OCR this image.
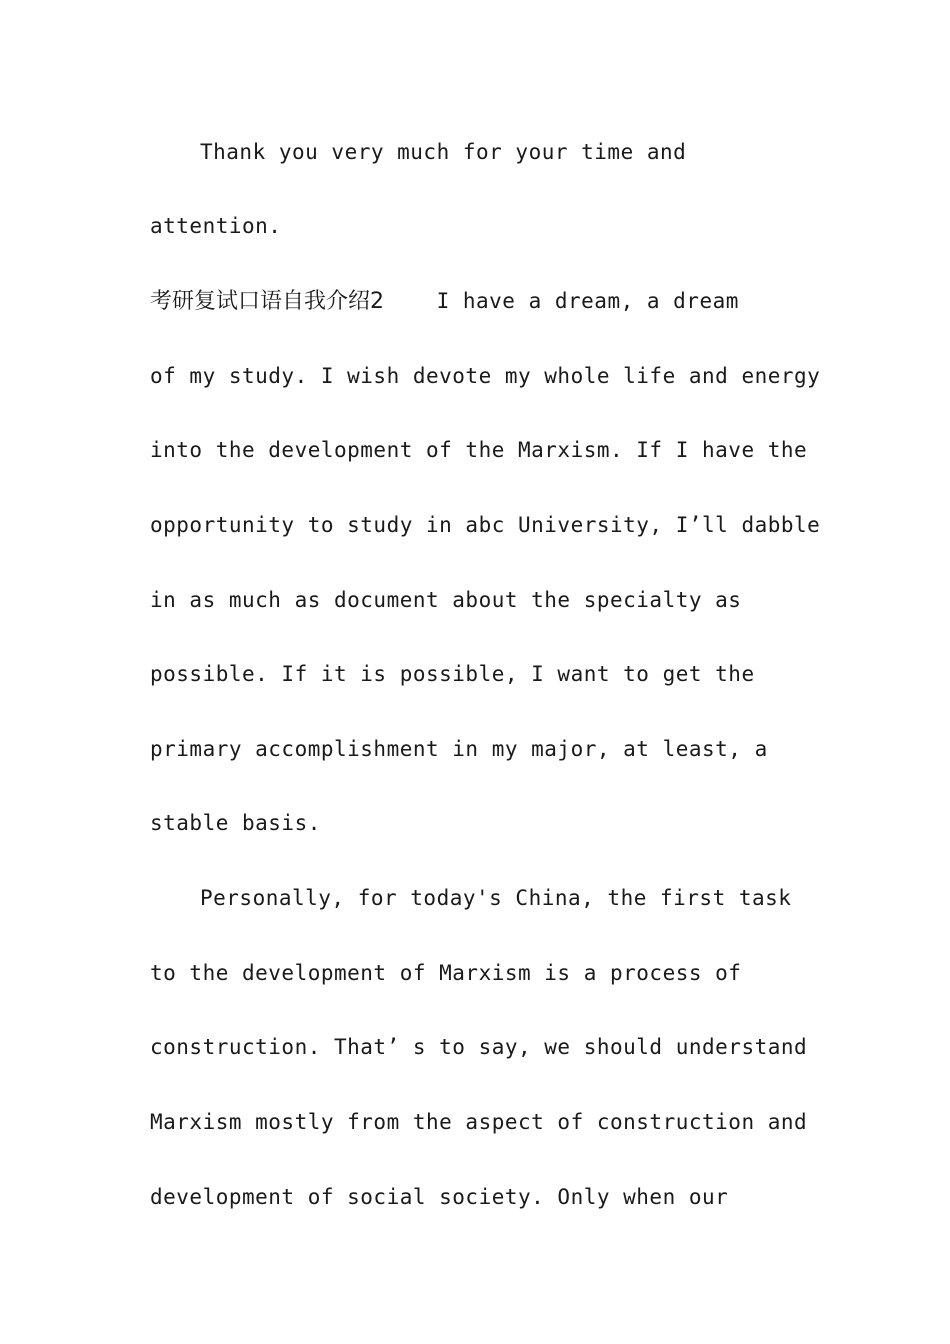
Thank you very much for your time and
attention.
考研复试口语自我介绍2	I have a dream, a dream
of my study. I wish devote my whole life and energy
into the development of the Marxism. If I have the
opportunity to study in abc University, I’ll dabble
in as much as document about the specialty as
possible. If it is possible, I want to get the
primary accomplishment in my major, at least, a
stable basis.
Personally, for today's China, the first task
to the development of Marxism is a process of
construction. That’ s to say, we should understand
Marxism mostly from the aspect of construction and
development of social society. Only when our
